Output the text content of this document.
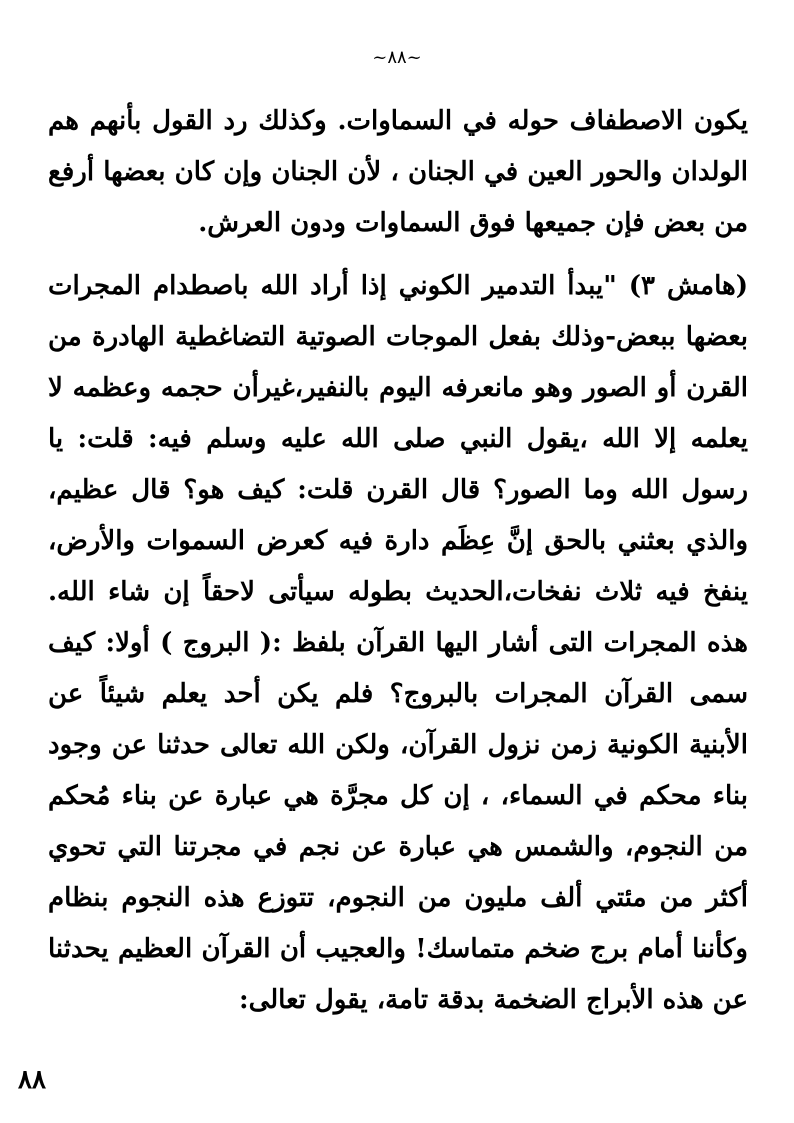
~٨٨~

يكون الاصطفاف حوله في السماوات. وكذلك رد القول بأنهم هم الولدان والحور العين في الجنان ، لأن الجنان وإن كان بعضها أرفع من بعض فإن جميعها فوق السماوات ودون العرش.

(هامش ٣) "يبدأ التدمير الكوني إذا أراد الله باصطدام المجرات بعضها ببعض-وذلك بفعل الموجات الصوتية التضاغطية الهادرة من القرن أو الصور وهو مانعرفه اليوم بالنفير،غيرأن حجمه وعظمه لا يعلمه إلا الله ،يقول النبي صلى الله عليه وسلم فيه: قلت: يا رسول الله وما الصور؟ قال القرن قلت: كيف هو؟ قال عظيم، والذي بعثني بالحق إنَّ عِظَم دارة فيه كعرض السموات والأرض، ينفخ فيه ثلاث نفخات،الحديث بطوله سيأتى لاحقاً إن شاء الله. هذه المجرات التى أشار اليها القرآن بلفظ :( البروج ) أولا: كيف سمى القرآن المجرات بالبروج؟ فلم يكن أحد يعلم شيئاً عن الأبنية الكونية زمن نزول القرآن، ولكن الله تعالى حدثنا عن وجود بناء محكم في السماء، ، إن كل مجرَّة هي عبارة عن بناء مُحكم من النجوم، والشمس هي عبارة عن نجم في مجرتنا التي تحوي أكثر من مئتي ألف مليون من النجوم، تتوزع هذه النجوم بنظام وكأننا أمام برج ضخم متماسك! والعجيب أن القرآن العظيم يحدثنا عن هذه الأبراج الضخمة بدقة تامة، يقول تعالى:

٨٨
